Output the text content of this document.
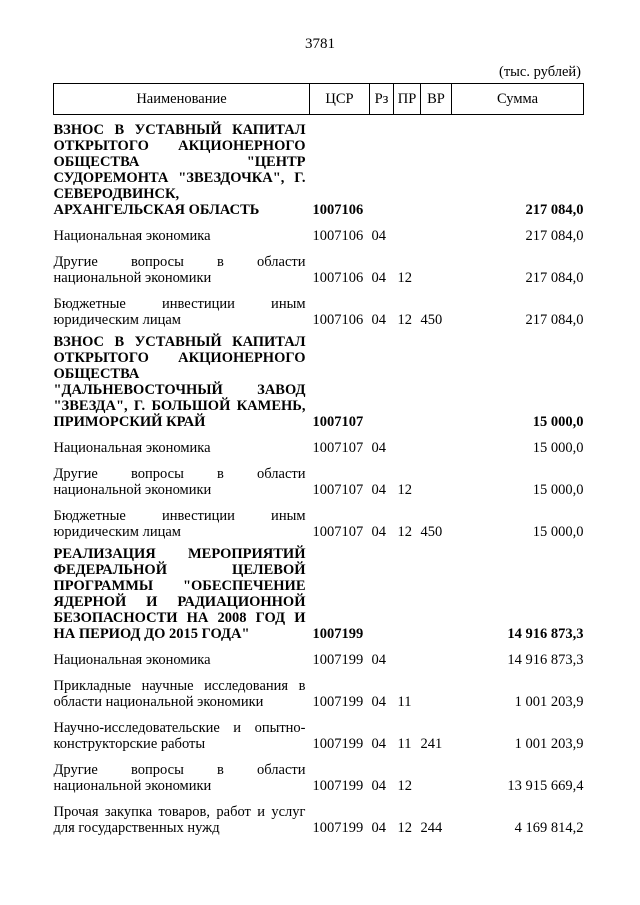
3781
(тыс. рублей)
Наименование	ЦСР	Рз	ПР	ВР	Сумма
ВЗНОС В УСТАВНЫЙ КАПИТАЛ ОТКРЫТОГО АКЦИОНЕРНОГО ОБЩЕСТВА "ЦЕНТР СУДОРЕМОНТА "ЗВЕЗДОЧКА", Г. СЕВЕРОДВИНСК, АРХАНГЕЛЬСКАЯ ОБЛАСТЬ	1007106				217 084,0
Национальная экономика	1007106	04			217 084,0
Другие вопросы в области национальной экономики	1007106	04	12		217 084,0
Бюджетные инвестиции иным юридическим лицам	1007106	04	12	450	217 084,0
ВЗНОС В УСТАВНЫЙ КАПИТАЛ ОТКРЫТОГО АКЦИОНЕРНОГО ОБЩЕСТВА "ДАЛЬНЕВОСТОЧНЫЙ ЗАВОД "ЗВЕЗДА", Г. БОЛЬШОЙ КАМЕНЬ, ПРИМОРСКИЙ КРАЙ	1007107				15 000,0
Национальная экономика	1007107	04			15 000,0
Другие вопросы в области национальной экономики	1007107	04	12		15 000,0
Бюджетные инвестиции иным юридическим лицам	1007107	04	12	450	15 000,0
РЕАЛИЗАЦИЯ МЕРОПРИЯТИЙ ФЕДЕРАЛЬНОЙ ЦЕЛЕВОЙ ПРОГРАММЫ "ОБЕСПЕЧЕНИЕ ЯДЕРНОЙ И РАДИАЦИОННОЙ БЕЗОПАСНОСТИ НА 2008 ГОД И НА ПЕРИОД ДО 2015 ГОДА"	1007199				14 916 873,3
Национальная экономика	1007199	04			14 916 873,3
Прикладные научные исследования в области национальной экономики	1007199	04	11		1 001 203,9
Научно-исследовательские и опытно-конструкторские работы	1007199	04	11	241	1 001 203,9
Другие вопросы в области национальной экономики	1007199	04	12		13 915 669,4
Прочая закупка товаров, работ и услуг для государственных нужд	1007199	04	12	244	4 169 814,2
